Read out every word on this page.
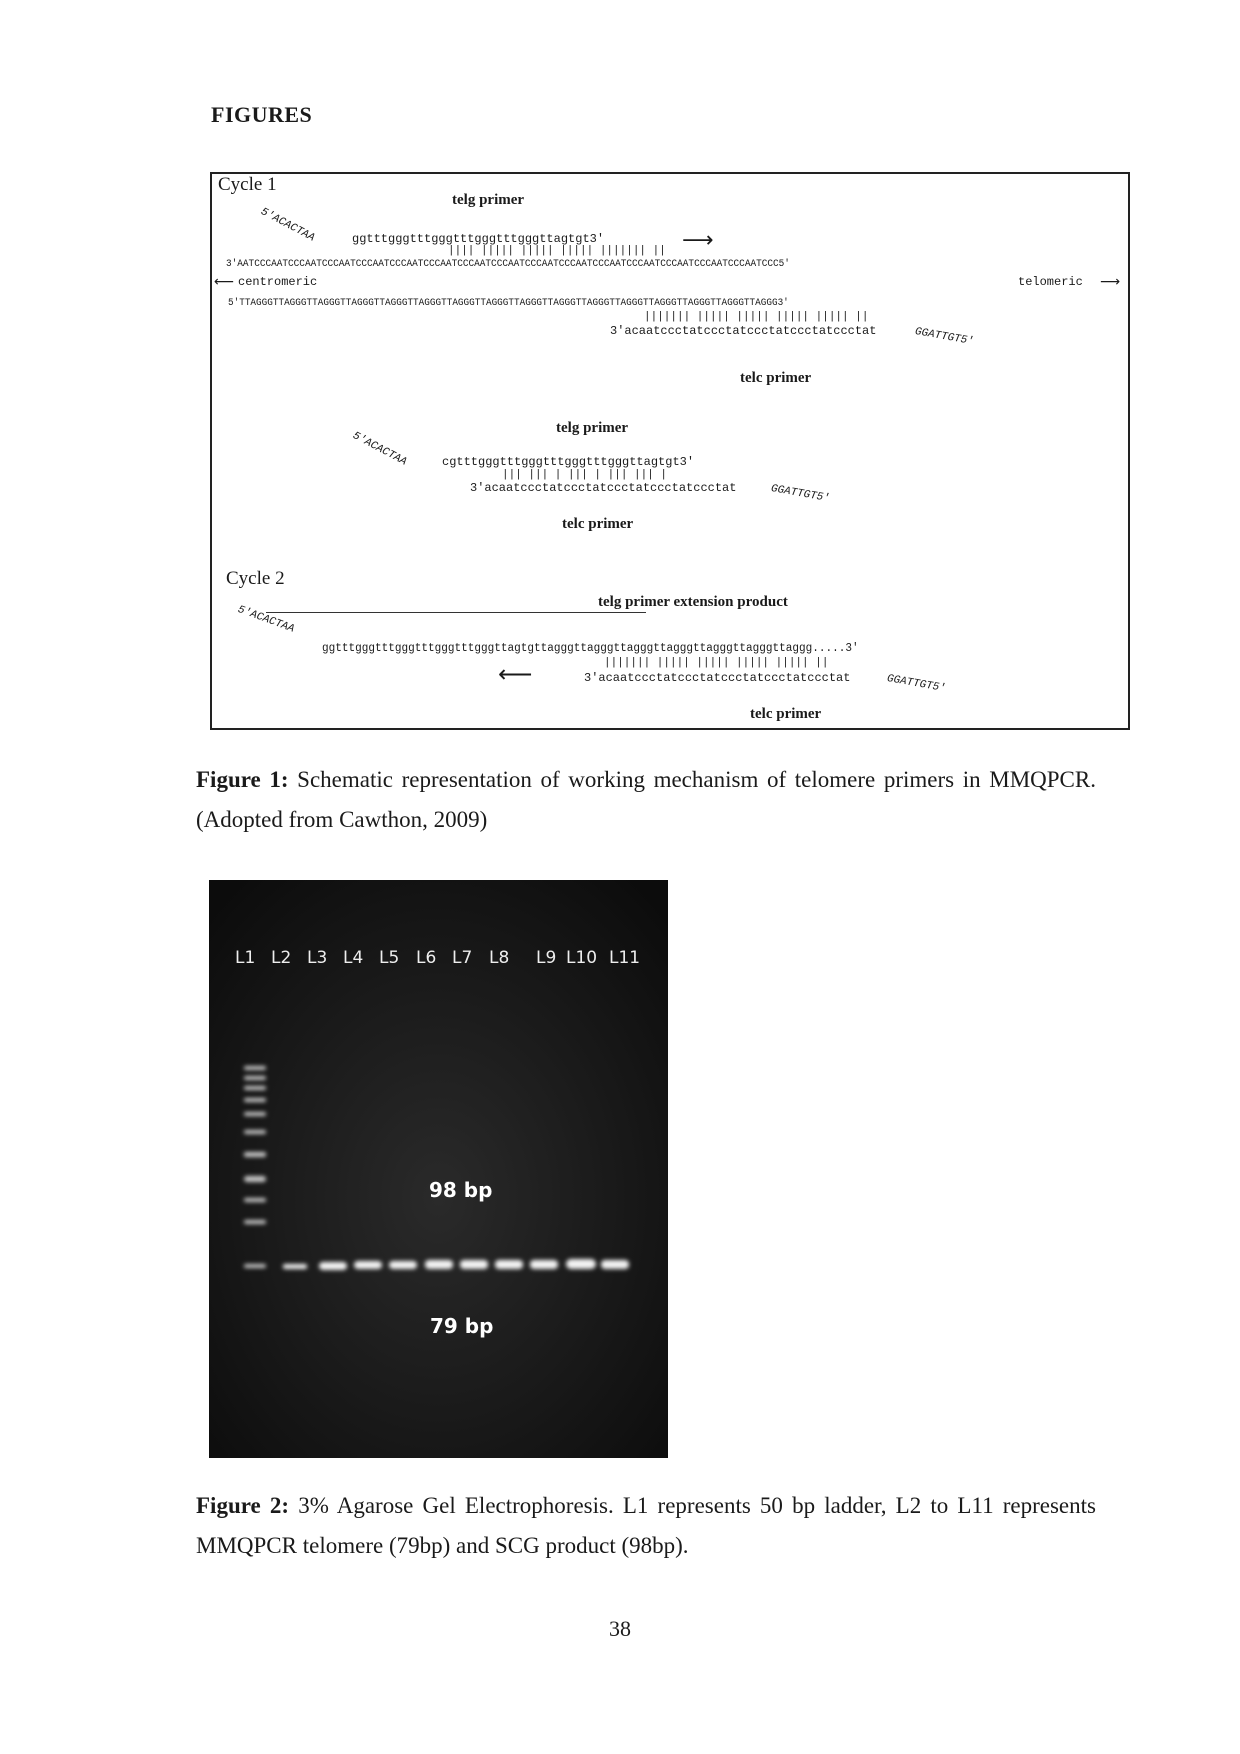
FIGURES
Cycle 1
telg primer
5'ACACTAA	ggtttgggtttgggtttgggtttgggttagtgt3'	⟶
|||| ||||| ||||| ||||| ||||||| ||
3'AATCCCAATCCCAATCCCAATCCCAATCCCAATCCCAATCCCAATCCCAATCCCAATCCCAATCCCAATCCCAATCCCAATCCCAATCCCAATCCC5'
⟵ centromeric	telomeric ⟶
5'TTAGGGTTAGGGTTAGGGTTAGGGTTAGGGTTAGGGTTAGGGTTAGGGTTAGGGTTAGGGTTAGGGTTAGGGTTAGGGTTAGGGTTAGGGTTAGGG3'
||||||| ||||| ||||| ||||| ||||| ||
3'acaatccctatccctatccctatccctatccctat	GGATTGT5'
telc primer
telg primer
5'ACACTAA	cgtttgggtttgggtttgggtttgggttagtgt3'
||| ||| | ||| | ||| ||| |
3'acaatccctatccctatccctatccctatccctat	GGATTGT5'
telc primer
Cycle 2
telg primer extension product
5'ACACTAA
ggtttgggtttgggtttgggtttgggttagtgttagggttagggttagggttagggttagggttagggttaggg.....3'
||||||| ||||| ||||| ||||| ||||| ||
⟵	3'acaatccctatccctatccctatccctatccctat	GGATTGT5'
telc primer
Figure 1: Schematic representation of working mechanism of telomere primers in MMQPCR. (Adopted from Cawthon, 2009)
L1 L2 L3 L4 L5 L6 L7 L8 L9 L10 L11
98 bp
79 bp
Figure 2: 3% Agarose Gel Electrophoresis. L1 represents 50 bp ladder, L2 to L11 represents MMQPCR telomere (79bp) and SCG product (98bp).
38
